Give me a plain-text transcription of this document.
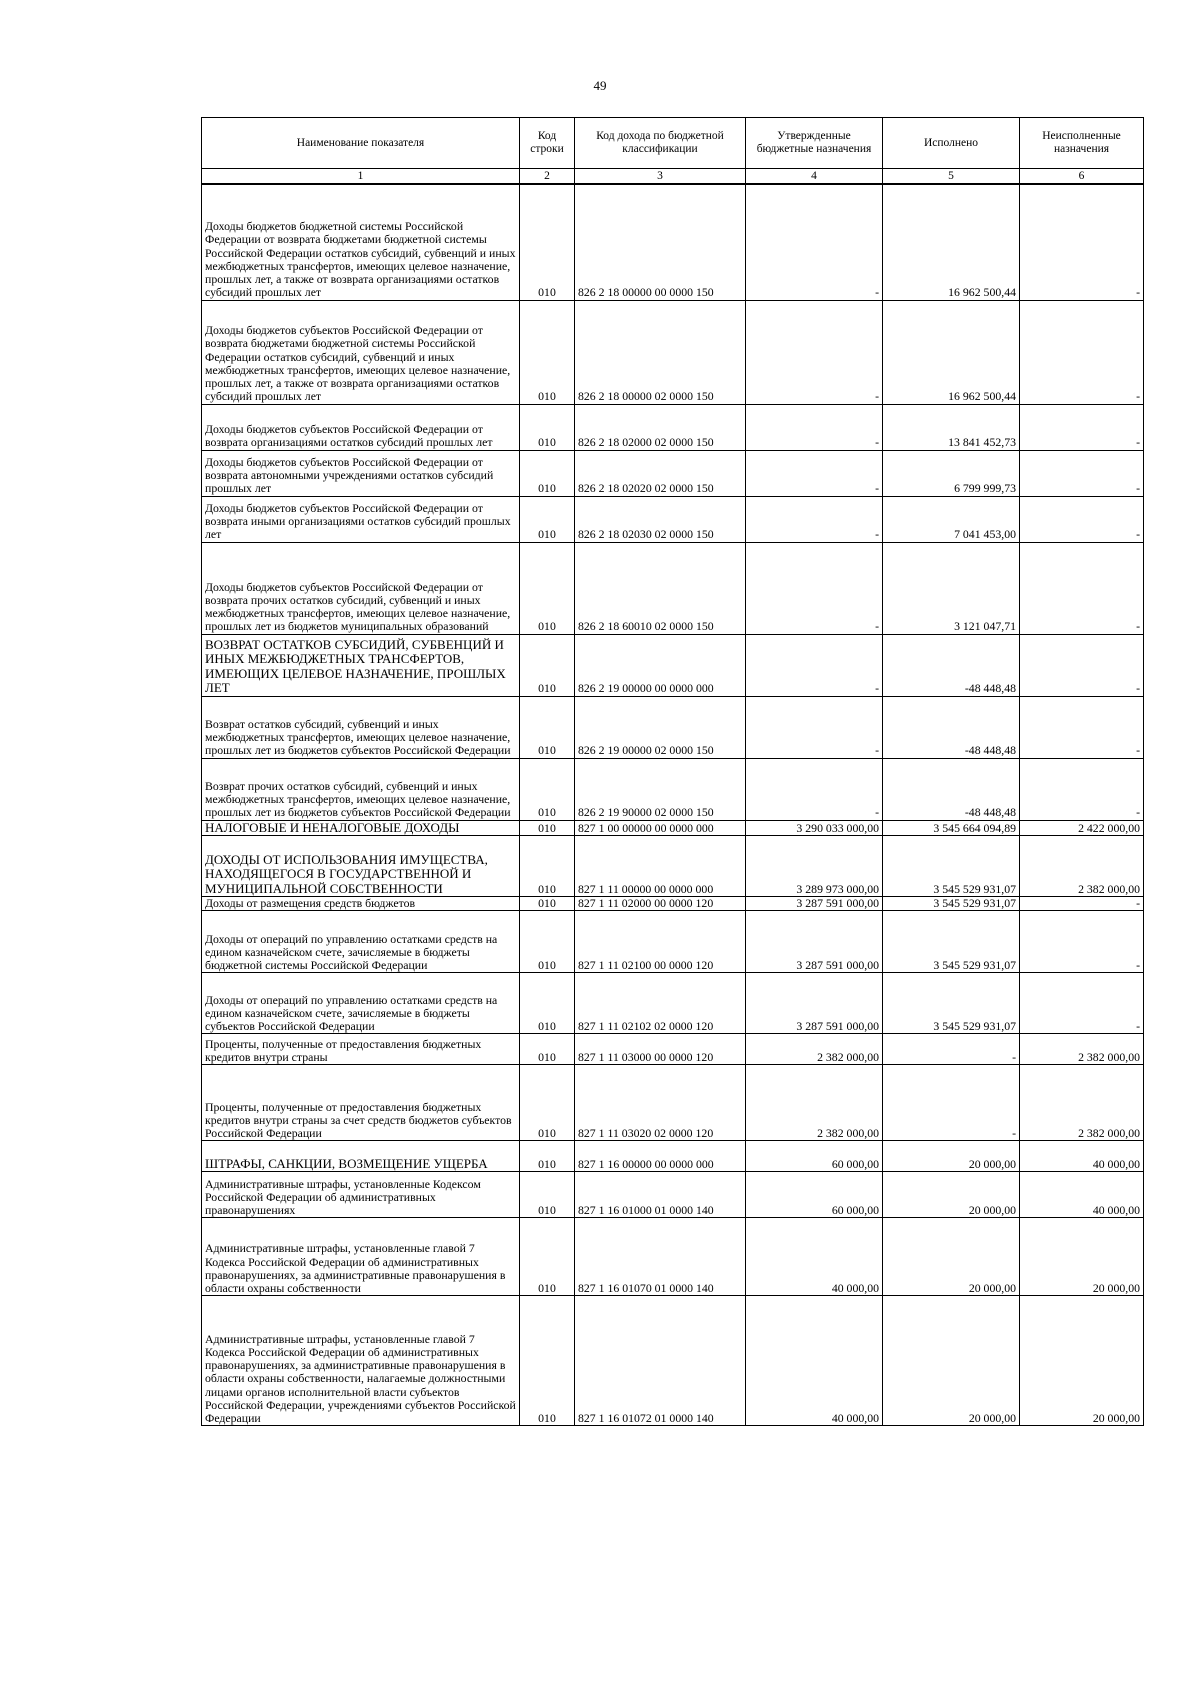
49
Наименование показателя	Код строки	Код дохода по бюджетной классификации	Утвержденные бюджетные назначения	Исполнено	Неисполненные назначения
1	2	3	4	5	6
Доходы бюджетов бюджетной системы Российской Федерации от возврата бюджетами бюджетной системы Российской Федерации остатков субсидий, субвенций и иных межбюджетных трансфертов, имеющих целевое назначение, прошлых лет, а также от возврата организациями остатков субсидий прошлых лет	010	826 2 18 00000 00 0000 150	-	16 962 500,44	-
Доходы бюджетов субъектов Российской Федерации от возврата бюджетами бюджетной системы Российской Федерации остатков субсидий, субвенций и иных межбюджетных трансфертов, имеющих целевое назначение, прошлых лет, а также от возврата организациями остатков субсидий прошлых лет	010	826 2 18 00000 02 0000 150	-	16 962 500,44	-
Доходы бюджетов субъектов Российской Федерации от возврата организациями остатков субсидий прошлых лет	010	826 2 18 02000 02 0000 150	-	13 841 452,73	-
Доходы бюджетов субъектов Российской Федерации от возврата автономными учреждениями остатков субсидий прошлых лет	010	826 2 18 02020 02 0000 150	-	6 799 999,73	-
Доходы бюджетов субъектов Российской Федерации от возврата иными организациями остатков субсидий прошлых лет	010	826 2 18 02030 02 0000 150	-	7 041 453,00	-
Доходы бюджетов субъектов Российской Федерации от возврата прочих остатков субсидий, субвенций и иных межбюджетных трансфертов, имеющих целевое назначение, прошлых лет из бюджетов муниципальных образований	010	826 2 18 60010 02 0000 150	-	3 121 047,71	-
ВОЗВРАТ ОСТАТКОВ СУБСИДИЙ, СУБВЕНЦИЙ И ИНЫХ МЕЖБЮДЖЕТНЫХ ТРАНСФЕРТОВ, ИМЕЮЩИХ ЦЕЛЕВОЕ НАЗНАЧЕНИЕ, ПРОШЛЫХ ЛЕТ	010	826 2 19 00000 00 0000 000	-	-48 448,48	-
Возврат остатков субсидий, субвенций и иных межбюджетных трансфертов, имеющих целевое назначение, прошлых лет из бюджетов субъектов Российской Федерации	010	826 2 19 00000 02 0000 150	-	-48 448,48	-
Возврат прочих остатков субсидий, субвенций и иных межбюджетных трансфертов, имеющих целевое назначение, прошлых лет из бюджетов субъектов Российской Федерации	010	826 2 19 90000 02 0000 150	-	-48 448,48	-
НАЛОГОВЫЕ И НЕНАЛОГОВЫЕ ДОХОДЫ	010	827 1 00 00000 00 0000 000	3 290 033 000,00	3 545 664 094,89	2 422 000,00
ДОХОДЫ ОТ ИСПОЛЬЗОВАНИЯ ИМУЩЕСТВА, НАХОДЯЩЕГОСЯ В ГОСУДАРСТВЕННОЙ И МУНИЦИПАЛЬНОЙ СОБСТВЕННОСТИ	010	827 1 11 00000 00 0000 000	3 289 973 000,00	3 545 529 931,07	2 382 000,00
Доходы от размещения средств бюджетов	010	827 1 11 02000 00 0000 120	3 287 591 000,00	3 545 529 931,07	-
Доходы от операций по управлению остатками средств на едином казначейском счете, зачисляемые в бюджеты бюджетной системы Российской Федерации	010	827 1 11 02100 00 0000 120	3 287 591 000,00	3 545 529 931,07	-
Доходы от операций по управлению остатками средств на едином казначейском счете, зачисляемые в бюджеты субъектов Российской Федерации	010	827 1 11 02102 02 0000 120	3 287 591 000,00	3 545 529 931,07	-
Проценты, полученные от предоставления бюджетных кредитов внутри страны	010	827 1 11 03000 00 0000 120	2 382 000,00	-	2 382 000,00
Проценты, полученные от предоставления бюджетных кредитов внутри страны за счет средств бюджетов субъектов Российской Федерации	010	827 1 11 03020 02 0000 120	2 382 000,00	-	2 382 000,00
ШТРАФЫ, САНКЦИИ, ВОЗМЕЩЕНИЕ УЩЕРБА	010	827 1 16 00000 00 0000 000	60 000,00	20 000,00	40 000,00
Административные штрафы, установленные Кодексом Российской Федерации об административных правонарушениях	010	827 1 16 01000 01 0000 140	60 000,00	20 000,00	40 000,00
Административные штрафы, установленные главой 7 Кодекса Российской Федерации об административных правонарушениях, за административные правонарушения в области охраны собственности	010	827 1 16 01070 01 0000 140	40 000,00	20 000,00	20 000,00
Административные штрафы, установленные главой 7 Кодекса Российской Федерации об административных правонарушениях, за административные правонарушения в области охраны собственности, налагаемые должностными лицами органов исполнительной власти субъектов Российской Федерации, учреждениями субъектов Российской Федерации	010	827 1 16 01072 01 0000 140	40 000,00	20 000,00	20 000,00
